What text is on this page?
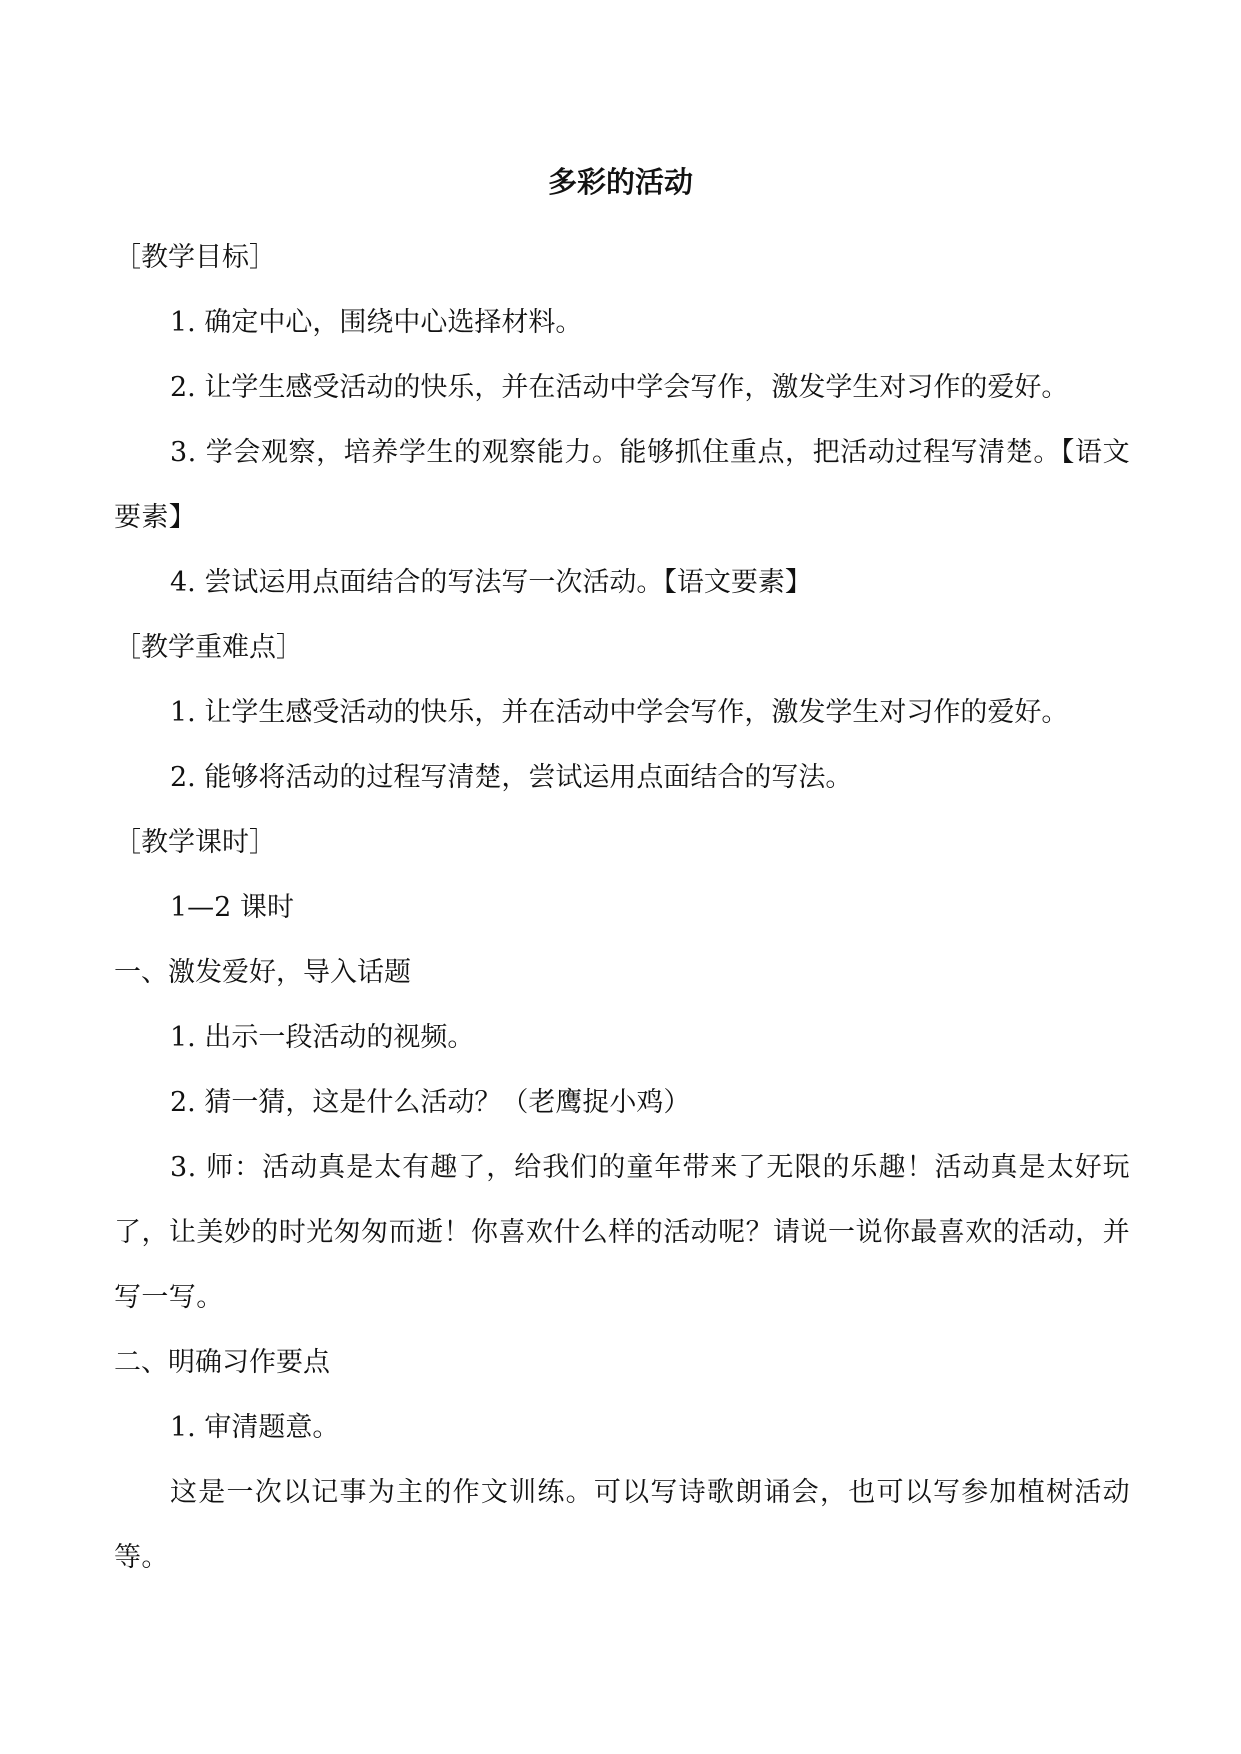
多彩的活动
［教学目标］
1. 确定中心，围绕中心选择材料。
2. 让学生感受活动的快乐，并在活动中学会写作，激发学生对习作的爱好。
3. 学会观察，培养学生的观察能力。能够抓住重点，把活动过程写清楚。【语文要素】
4. 尝试运用点面结合的写法写一次活动。【语文要素】
［教学重难点］
1. 让学生感受活动的快乐，并在活动中学会写作，激发学生对习作的爱好。
2. 能够将活动的过程写清楚，尝试运用点面结合的写法。
［教学课时］
1—2 课时
一、激发爱好，导入话题
1. 出示一段活动的视频。
2. 猜一猜，这是什么活动？（老鹰捉小鸡）
3. 师：活动真是太有趣了，给我们的童年带来了无限的乐趣！活动真是太好玩了，让美妙的时光匆匆而逝！你喜欢什么样的活动呢？请说一说你最喜欢的活动，并写一写。
二、明确习作要点
1. 审清题意。
这是一次以记事为主的作文训练。可以写诗歌朗诵会，也可以写参加植树活动等。
